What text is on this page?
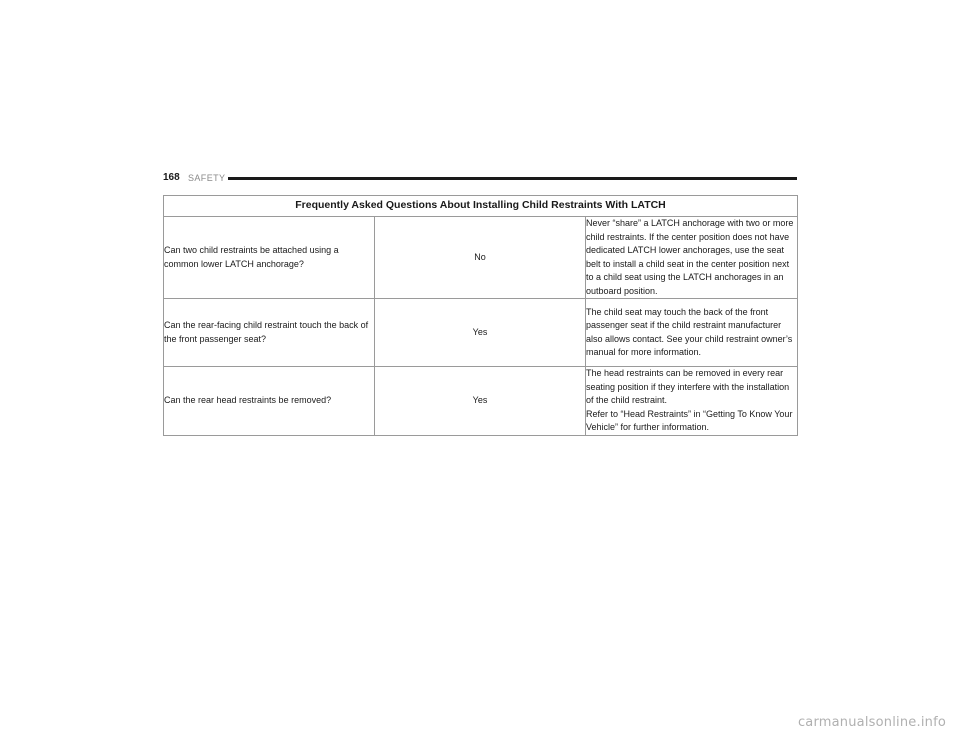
168 SAFETY
Frequently Asked Questions About Installing Child Restraints With LATCH		
Can two child restraints be attached using a common lower LATCH anchorage?	No	Never “share” a LATCH anchorage with two or more child restraints. If the center position does not have dedicated LATCH lower anchorages, use the seat belt to install a child seat in the center position next to a child seat using the LATCH anchorages in an outboard position.

Can the rear-facing child restraint touch the back of the front passenger seat?	Yes	The child seat may touch the back of the front passenger seat if the child restraint manufacturer also allows contact. See your child restraint owner’s manual for more information.

Can the rear head restraints be removed?	Yes	The head restraints can be removed in every rear seating position if they interfere with the installation of the child restraint.
Refer to “Head Restraints” in “Getting To Know Your Vehicle” for further information.
carmanualsonline.info
